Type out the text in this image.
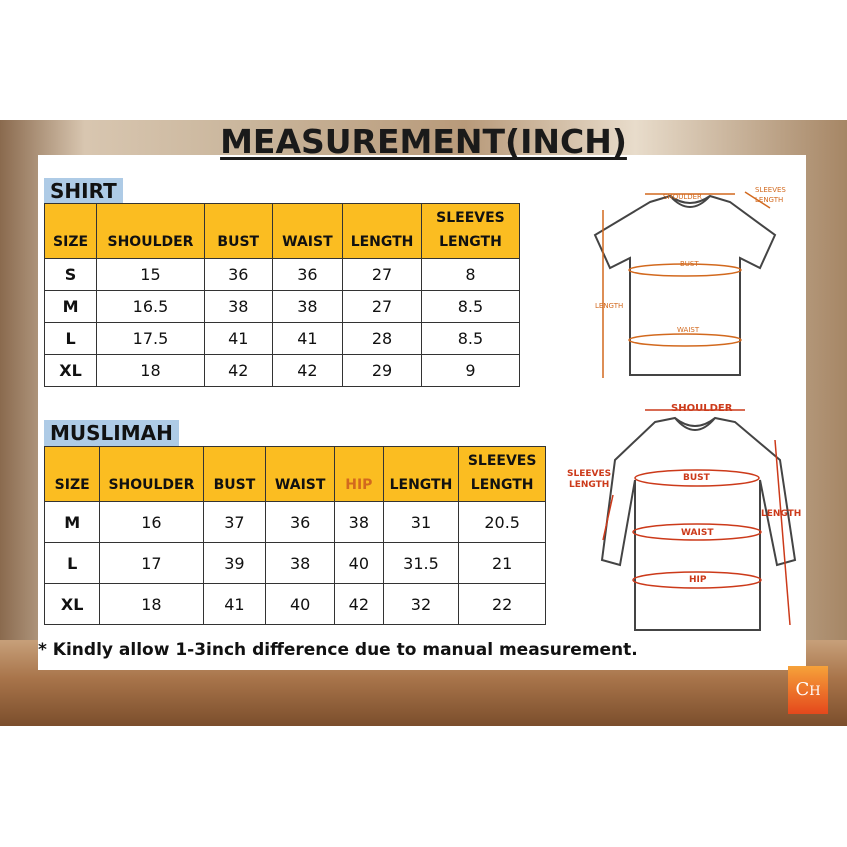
MEASUREMENT(INCH)
SHIRT
SIZE	SHOULDER	BUST	WAIST	LENGTH	SLEEVES LENGTH
S	15	36	36	27	8
M	16.5	38	38	27	8.5
L	17.5	41	41	28	8.5
XL	18	42	42	29	9
MUSLIMAH
SIZE	SHOULDER	BUST	WAIST	HIP	LENGTH	SLEEVES LENGTH
M	16	37	36	38	31	20.5
L	17	39	38	40	31.5	21
XL	18	41	40	42	32	22
SHOULDER
SLEEVES
LENGTH
BUST
LENGTH
WAIST
SHOULDER
SLEEVES
LENGTH
BUST
WAIST
HIP
LENGTH
* Kindly allow 1-3inch difference due to manual measurement.
CH
